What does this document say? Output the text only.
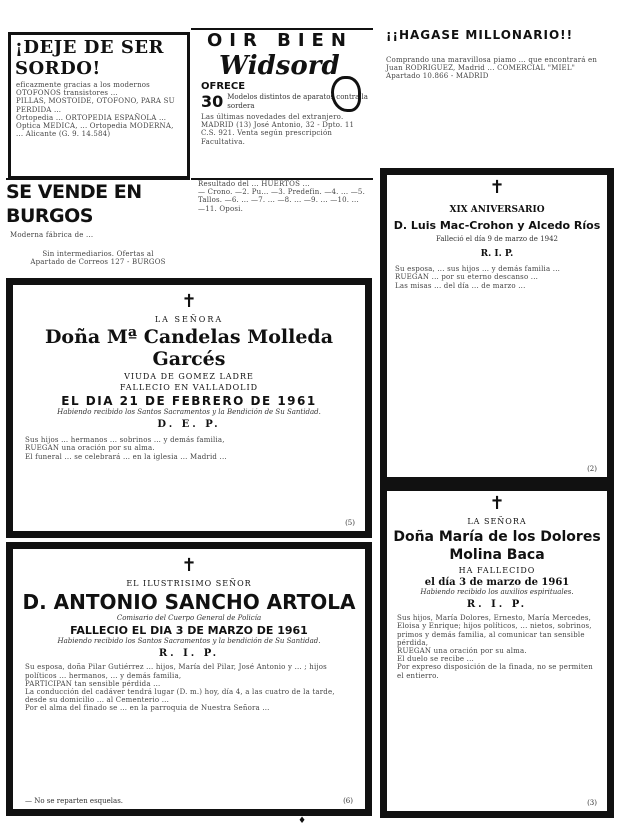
¡DEJE DE SER SORDO!
eficazmente gracias a los modernos OTOFONOS transistores ...
PILLAS, MOSTOIDE, OTOFONO, PARA SU PERDIDA ...
Ortopedia ... ORTOPEDIA ESPAÑOLA ...
Optica MEDICA, ... Ortopedia MODERNA, ... Alicante (G. 9. 14.584)
OIR BIEN
Widsord
OFRECE
30 Modelos distintos de aparatos contra la sordera
Las últimas novedades del extranjero.
MADRID (13) José Antonio, 32 - Dpto. 11
C.S. 921. Venta según prescripción Facultativa.
¡¡HAGASE MILLONARIO!!
Comprando una maravillosa piamo ... que encontrará en Juan RODRIGUEZ, Madrid ... COMERCIAL "MIEL"
Apartado 10.866 - MADRID
SE VENDE EN BURGOS
Moderna fábrica de ...
Sin intermediarios. Ofertas al Apartado de Correos 127 - BURGOS
Resultado del ... HUERTOS ...
— Crono. —2. Pu... —3. Predefin. —4. ... —5. Tallos. —6. ... —7. ... —8. ... —9. ... —10. ... —11. Oposi.
✝
XIX ANIVERSARIO
D. Luis Mac-Crohon y Alcedo Ríos
Falleció el día 9 de marzo de 1942
R. I. P.
Su esposa, ... sus hijos ... y demás familia ...
RUEGAN ... por su eterno descanso ...
Las misas ... del día ... de marzo ...
(2)
✝
LA SEÑORA
Doña Mª Candelas Molleda Garcés
VIUDA DE GOMEZ LADRE
FALLECIO EN VALLADOLID
EL DIA 21 DE FEBRERO DE 1961
Habiendo recibido los Santos Sacramentos y la Bendición de Su Santidad.
D. E. P.
Sus hijos ... hermanos ... sobrinos ... y demás familia,
RUEGAN una oración por su alma.
El funeral ... se celebrará ... en la iglesia ... Madrid ...
(5)
✝
EL ILUSTRISIMO SEÑOR
D. ANTONIO SANCHO ARTOLA
Comisario del Cuerpo General de Policía
FALLECIO EL DIA 3 DE MARZO DE 1961
Habiendo recibido los Santos Sacramentos y la bendición de Su Santidad.
R. I. P.
Su esposa, doña Pilar Gutiérrez ... hijos, María del Pilar, José Antonio y ... ; hijos políticos ... hermanos, ... y demás familia,
PARTICIPAN tan sensible pérdida ...
La conducción del cadáver tendrá lugar (D. m.) hoy, día 4, a las cuatro de la tarde, desde su domicilio ... al Cementerio ...
Por el alma del finado se ... en la parroquia de Nuestra Señora ...
— No se reparten esquelas.	(6)
✝
LA SEÑORA
Doña María de los Dolores Molina Baca
HA FALLECIDO
el día 3 de marzo de 1961
Habiendo recibido los auxilios espirituales.
R. I. P.
Sus hijos, María Dolores, Ernesto, María Mercedes, Eloisa y Enrique; hijos políticos, ... nietos, sobrinos, primos y demás familia, al comunicar tan sensible pérdida,
RUEGAN una oración por su alma.
El duelo se recibe ...
Por expreso disposición de la finada, no se permiten el entierro.
(3)
♦
